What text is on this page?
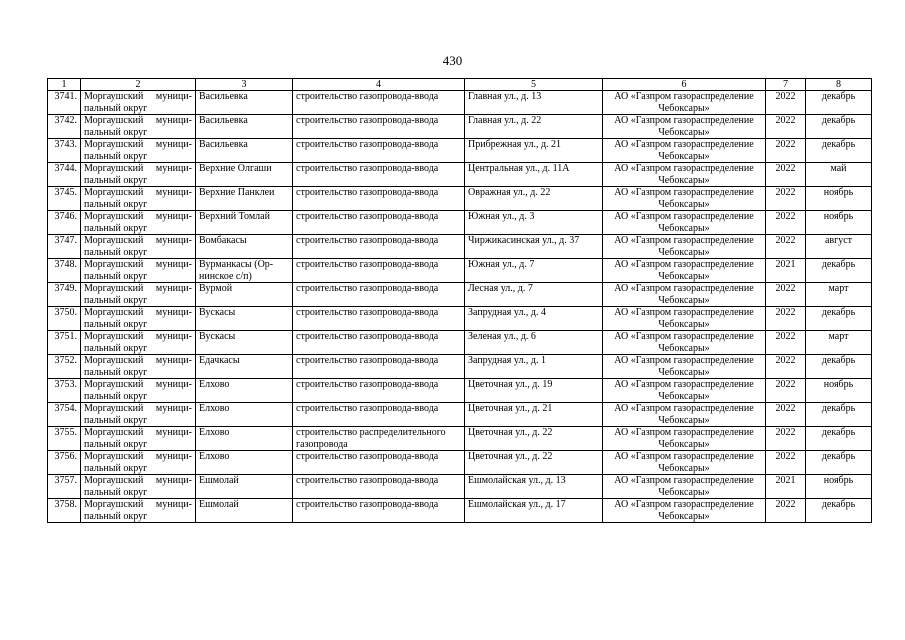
430
1	2	3	4	5	6	7	8
3741.	Моргаушский муници-пальный округ	Васильевка	строительство газопровода-ввода	Главная ул., д. 13	АО «Газпром газораспределение Чебоксары»	2022	декабрь
3742.	Моргаушский муници-пальный округ	Васильевка	строительство газопровода-ввода	Главная ул., д. 22	АО «Газпром газораспределение Чебоксары»	2022	декабрь
3743.	Моргаушский муници-пальный округ	Васильевка	строительство газопровода-ввода	Прибрежная ул., д. 21	АО «Газпром газораспределение Чебоксары»	2022	декабрь
3744.	Моргаушский муници-пальный округ	Верхние Олгаши	строительство газопровода-ввода	Центральная ул., д. 11А	АО «Газпром газораспределение Чебоксары»	2022	май
3745.	Моргаушский муници-пальный округ	Верхние Панклеи	строительство газопровода-ввода	Овражная ул., д. 22	АО «Газпром газораспределение Чебоксары»	2022	ноябрь
3746.	Моргаушский муници-пальный округ	Верхний Томлай	строительство газопровода-ввода	Южная ул., д. 3	АО «Газпром газораспределение Чебоксары»	2022	ноябрь
3747.	Моргаушский муници-пальный округ	Вомбакасы	строительство газопровода-ввода	Чиржикасинская ул., д. 37	АО «Газпром газораспределение Чебоксары»	2022	август
3748.	Моргаушский муници-пальный округ	Вурманкасы (Ор-нинское с/п)	строительство газопровода-ввода	Южная ул., д. 7	АО «Газпром газораспределение Чебоксары»	2021	декабрь
3749.	Моргаушский муници-пальный округ	Вурмой	строительство газопровода-ввода	Лесная ул., д. 7	АО «Газпром газораспределение Чебоксары»	2022	март
3750.	Моргаушский муници-пальный округ	Вускасы	строительство газопровода-ввода	Запрудная ул., д. 4	АО «Газпром газораспределение Чебоксары»	2022	декабрь
3751.	Моргаушский муници-пальный округ	Вускасы	строительство газопровода-ввода	Зеленая ул., д. 6	АО «Газпром газораспределение Чебоксары»	2022	март
3752.	Моргаушский муници-пальный округ	Едачкасы	строительство газопровода-ввода	Запрудная ул., д. 1	АО «Газпром газораспределение Чебоксары»	2022	декабрь
3753.	Моргаушский муници-пальный округ	Елхово	строительство газопровода-ввода	Цветочная ул., д. 19	АО «Газпром газораспределение Чебоксары»	2022	ноябрь
3754.	Моргаушский муници-пальный округ	Елхово	строительство газопровода-ввода	Цветочная ул., д. 21	АО «Газпром газораспределение Чебоксары»	2022	декабрь
3755.	Моргаушский муници-пальный округ	Елхово	строительство распределительного газопровода	Цветочная ул., д. 22	АО «Газпром газораспределение Чебоксары»	2022	декабрь
3756.	Моргаушский муници-пальный округ	Елхово	строительство газопровода-ввода	Цветочная ул., д. 22	АО «Газпром газораспределение Чебоксары»	2022	декабрь
3757.	Моргаушский муници-пальный округ	Ешмолай	строительство газопровода-ввода	Ешмолайская ул., д. 13	АО «Газпром газораспределение Чебоксары»	2021	ноябрь
3758.	Моргаушский муници-пальный округ	Ешмолай	строительство газопровода-ввода	Ешмолайская ул., д. 17	АО «Газпром газораспределение Чебоксары»	2022	декабрь
